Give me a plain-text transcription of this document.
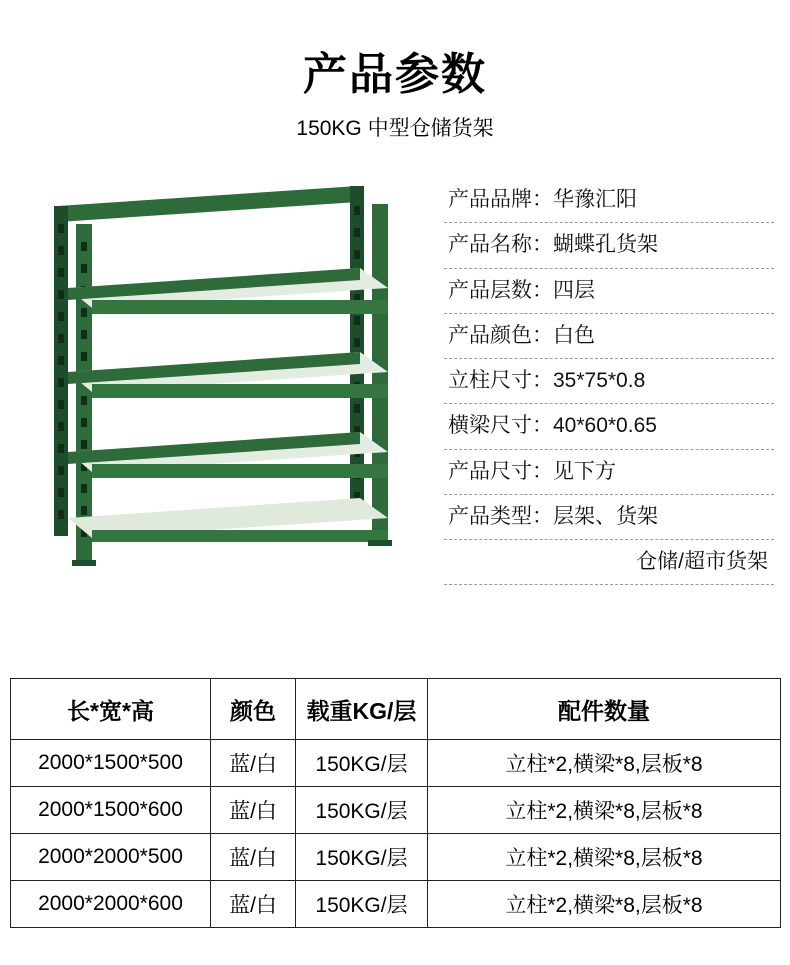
产品参数
150KG 中型仓储货架
产品品牌：华豫汇阳
产品名称：蝴蝶孔货架
产品层数：四层
产品颜色：白色
立柱尺寸：35*75*0.8
横梁尺寸：40*60*0.65
产品尺寸：见下方
产品类型：层架、货架
仓储/超市货架
长*宽*高	颜色	载重KG/层	配件数量
2000*1500*500	蓝/白	150KG/层	立柱*2,横梁*8,层板*8
2000*1500*600	蓝/白	150KG/层	立柱*2,横梁*8,层板*8
2000*2000*500	蓝/白	150KG/层	立柱*2,横梁*8,层板*8
2000*2000*600	蓝/白	150KG/层	立柱*2,横梁*8,层板*8
